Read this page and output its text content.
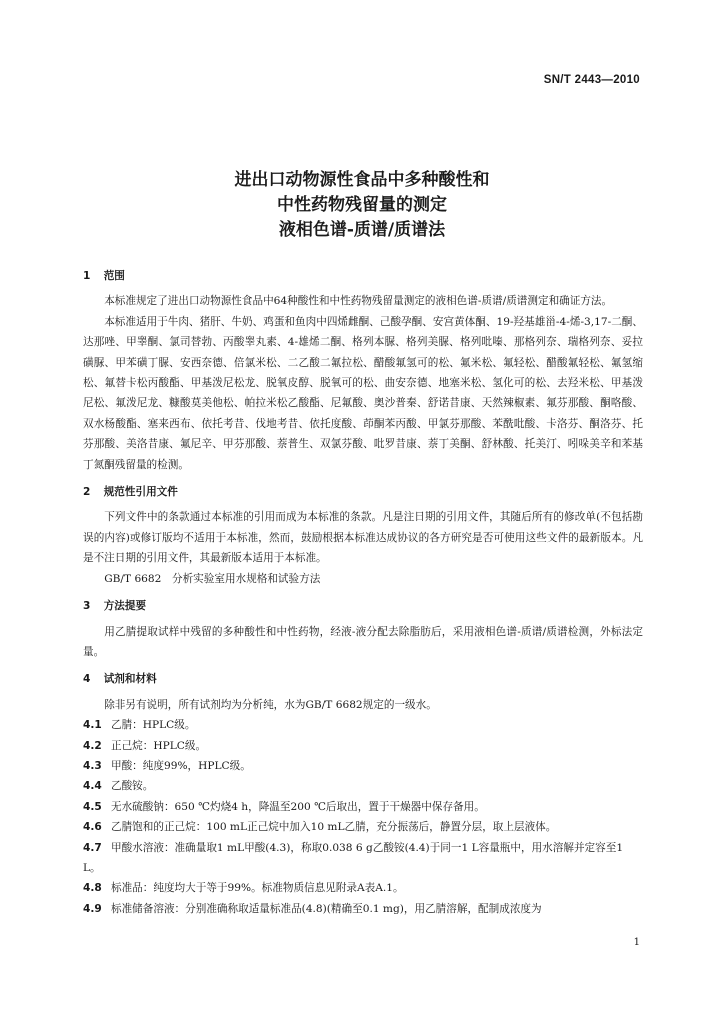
SN/T 2443—2010
进出口动物源性食品中多种酸性和
中性药物残留量的测定
液相色谱-质谱/质谱法
1 范围

本标准规定了进出口动物源性食品中64种酸性和中性药物残留量测定的液相色谱-质谱/质谱测定和确证方法。

本标准适用于牛肉、猪肝、牛奶、鸡蛋和鱼肉中四烯雌酮、己酸孕酮、安宫黄体酮、19-羟基雄甾-4-烯-3,17-二酮、达那唑、甲睾酮、氯司替勃、丙酸睾丸素、4-雄烯二酮、格列本脲、格列美脲、格列吡嗪、那格列奈、瑞格列奈、妥拉磺脲、甲苯磺丁脲、安西奈德、倍氯米松、二乙酸二氟拉松、醋酸氟氢可的松、氟米松、氟轻松、醋酸氟轻松、氟氢缩松、氟替卡松丙酸酯、甲基泼尼松龙、脱氧皮醇、脱氧可的松、曲安奈德、地塞米松、氢化可的松、去羟米松、甲基泼尼松、氟泼尼龙、糠酸莫美他松、帕拉米松乙酸酯、尼氟酸、奥沙普秦、舒诺昔康、天然辣椒素、氟芬那酸、酮咯酸、双水杨酸酯、塞来西布、依托考昔、伐地考昔、依托度酸、茚酮苯丙酸、甲氯芬那酸、苯酰吡酸、卡洛芬、酮洛芬、托芬那酸、美洛昔康、氟尼辛、甲芬那酸、萘普生、双氯芬酸、吡罗昔康、萘丁美酮、舒林酸、托美汀、吲哚美辛和苯基丁氮酮残留量的检测。

2 规范性引用文件

下列文件中的条款通过本标准的引用而成为本标准的条款。凡是注日期的引用文件，其随后所有的修改单(不包括勘误的内容)或修订版均不适用于本标准，然而，鼓励根据本标准达成协议的各方研究是否可使用这些文件的最新版本。凡是不注日期的引用文件，其最新版本适用于本标准。

GB/T 6682　分析实验室用水规格和试验方法
3 方法提要

用乙腈提取试样中残留的多种酸性和中性药物，经液-液分配去除脂肪后，采用液相色谱-质谱/质谱检测，外标法定量。

4 试剂和材料

除非另有说明，所有试剂均为分析纯，水为GB/T 6682规定的一级水。

4.1 乙腈：HPLC级。
4.2 正己烷：HPLC级。
4.3 甲酸：纯度99%，HPLC级。
4.4 乙酸铵。
4.5 无水硫酸钠：650 ℃灼烧4 h，降温至200 ℃后取出，置于干燥器中保存备用。
4.6 乙腈饱和的正己烷：100 mL正己烷中加入10 mL乙腈，充分振荡后，静置分层，取上层液体。
4.7 甲酸水溶液：准确量取1 mL甲酸(4.3)，称取0.038 6 g乙酸铵(4.4)于同一1 L容量瓶中，用水溶解并定容至1 L。
4.8 标准品：纯度均大于等于99%。标准物质信息见附录A表A.1。
4.9 标准储备溶液：分别准确称取适量标准品(4.8)(精确至0.1 mg)，用乙腈溶解，配制成浓度为
1
